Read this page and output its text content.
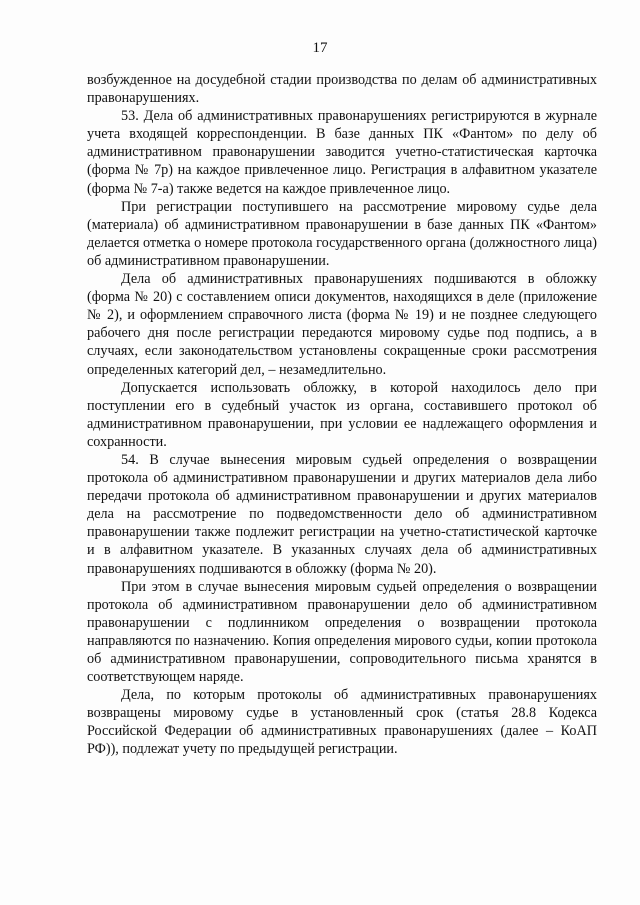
17

возбужденное на досудебной стадии производства по делам об административных правонарушениях.

53. Дела об административных правонарушениях регистрируются в журнале учета входящей корреспонденции. В базе данных ПК «Фантом» по делу об административном правонарушении заводится учетно-статистическая карточка (форма № 7р) на каждое привлеченное лицо. Регистрация в алфавитном указателе (форма № 7-а) также ведется на каждое привлеченное лицо.

При регистрации поступившего на рассмотрение мировому судье дела (материала) об административном правонарушении в базе данных ПК «Фантом» делается отметка о номере протокола государственного органа (должностного лица) об административном правонарушении.

Дела об административных правонарушениях подшиваются в обложку (форма № 20) с составлением описи документов, находящихся в деле (приложение № 2), и оформлением справочного листа (форма № 19) и не позднее следующего рабочего дня после регистрации передаются мировому судье под подпись, а в случаях, если законодательством установлены сокращенные сроки рассмотрения определенных категорий дел, – незамедлительно.

Допускается использовать обложку, в которой находилось дело при поступлении его в судебный участок из органа, составившего протокол об административном правонарушении, при условии ее надлежащего оформления и сохранности.

54. В случае вынесения мировым судьей определения о возвращении протокола об административном правонарушении и других материалов дела либо передачи протокола об административном правонарушении и других материалов дела на рассмотрение по подведомственности дело об административном правонарушении также подлежит регистрации на учетно-статистической карточке и в алфавитном указателе. В указанных случаях дела об административных правонарушениях подшиваются в обложку (форма № 20).

При этом в случае вынесения мировым судьей определения о возвращении протокола об административном правонарушении дело об административном правонарушении с подлинником определения о возвращении протокола направляются по назначению. Копия определения мирового судьи, копии протокола об административном правонарушении, сопроводительного письма хранятся в соответствующем наряде.

Дела, по которым протоколы об административных правонарушениях возвращены мировому судье в установленный срок (статья 28.8 Кодекса Российской Федерации об административных правонарушениях (далее – КоАП РФ)), подлежат учету по предыдущей регистрации.
